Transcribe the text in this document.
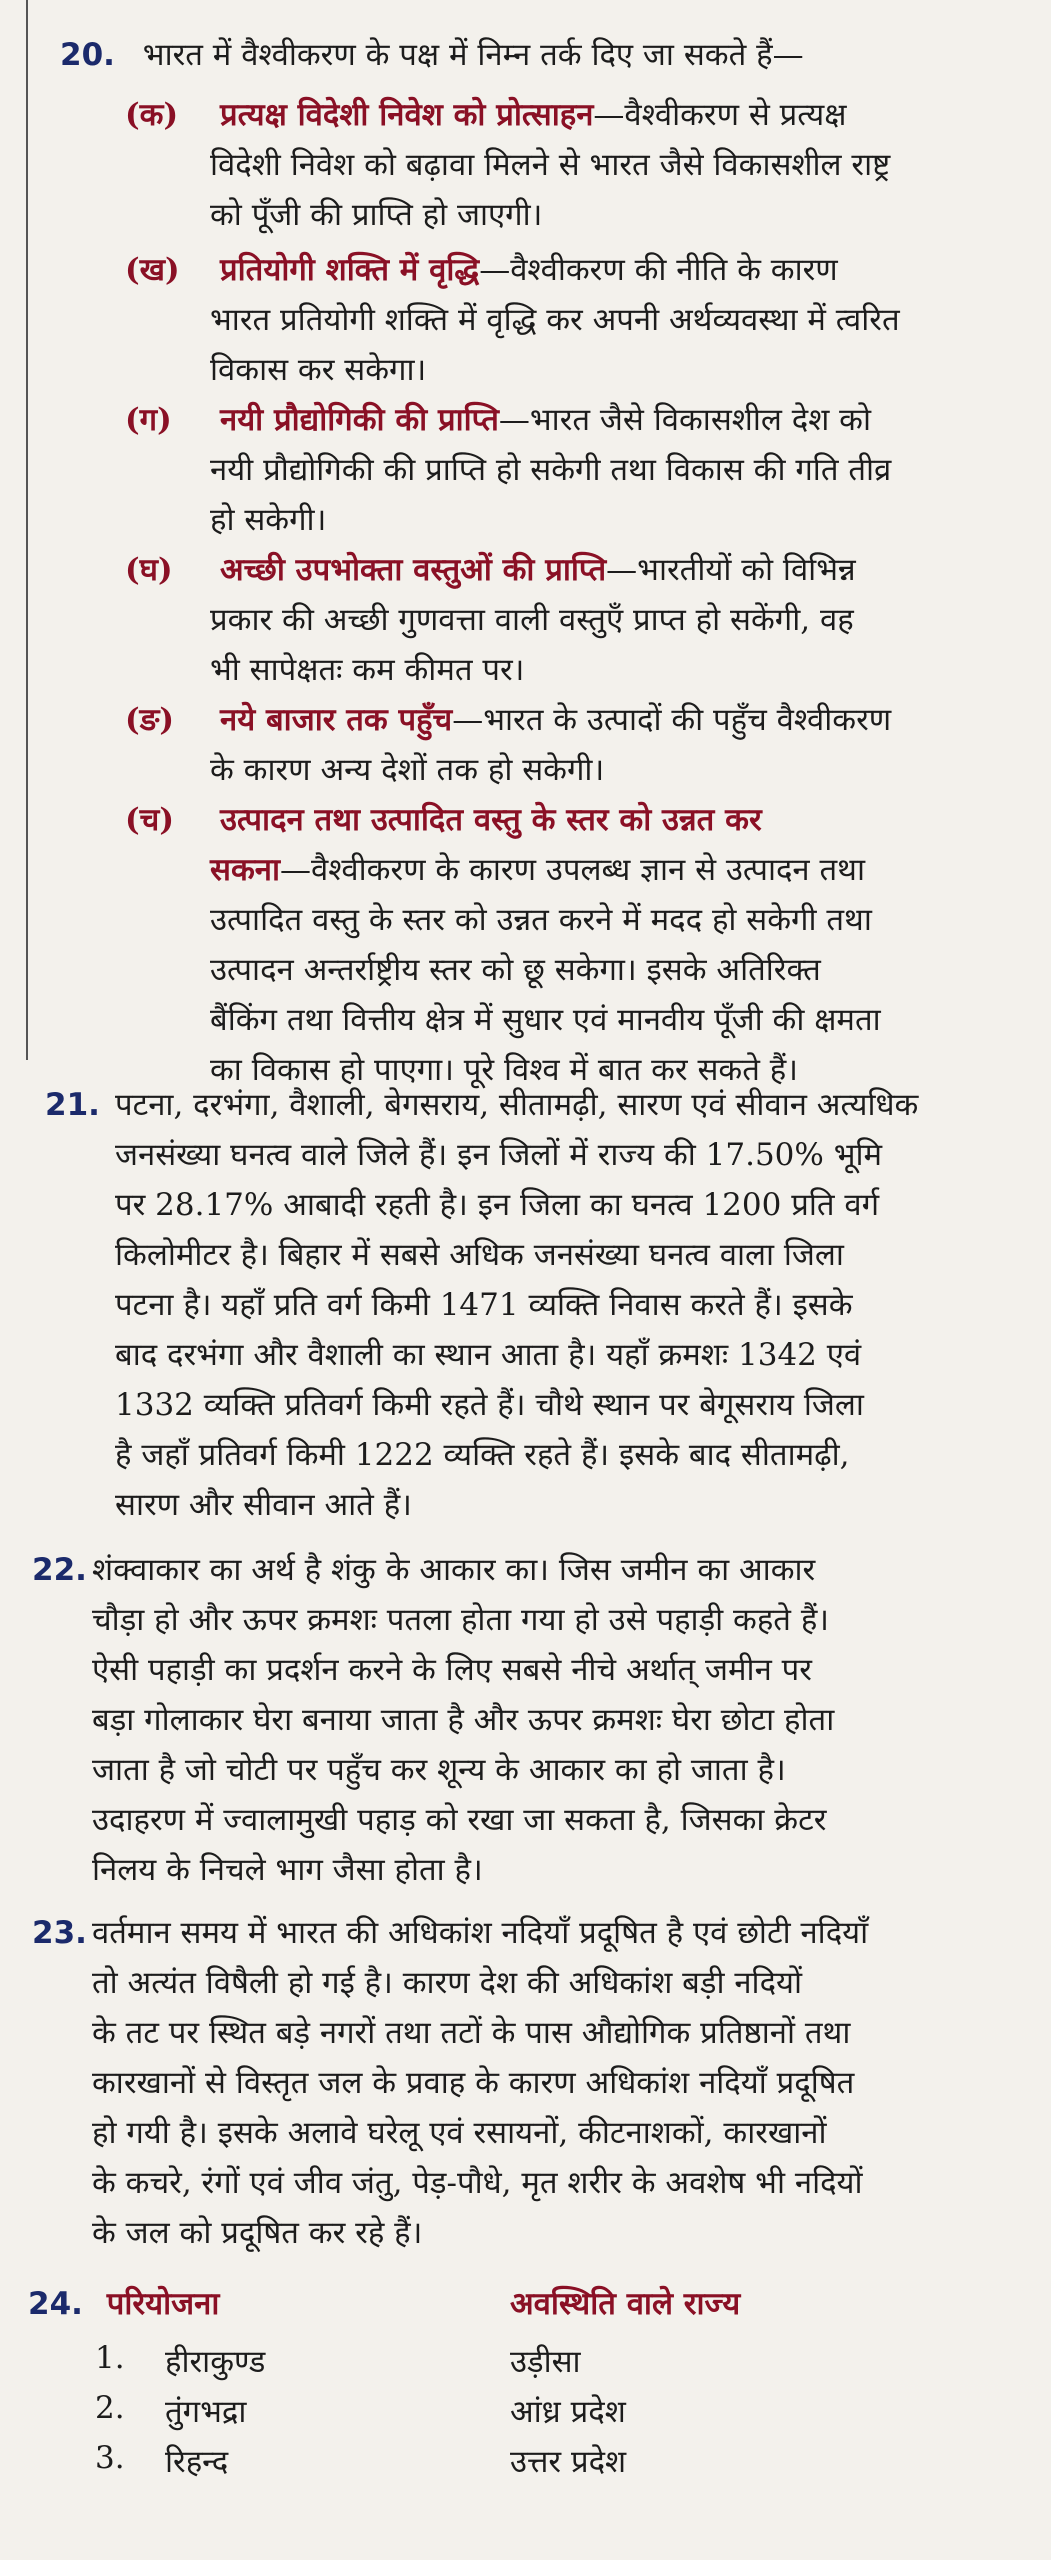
20. भारत में वैश्वीकरण के पक्ष में निम्न तर्क दिए जा सकते हैं—
(क) प्रत्यक्ष विदेशी निवेश को प्रोत्साहन—वैश्वीकरण से प्रत्यक्ष
विदेशी निवेश को बढ़ावा मिलने से भारत जैसे विकासशील राष्ट्र
को पूँजी की प्राप्ति हो जाएगी।
(ख) प्रतियोगी शक्ति में वृद्धि—वैश्वीकरण की नीति के कारण
भारत प्रतियोगी शक्ति में वृद्धि कर अपनी अर्थव्यवस्था में त्वरित
विकास कर सकेगा।
(ग) नयी प्रौद्योगिकी की प्राप्ति—भारत जैसे विकासशील देश को
नयी प्रौद्योगिकी की प्राप्ति हो सकेगी तथा विकास की गति तीव्र
हो सकेगी।
(घ) अच्छी उपभोक्ता वस्तुओं की प्राप्ति—भारतीयों को विभिन्न
प्रकार की अच्छी गुणवत्ता वाली वस्तुएँ प्राप्त हो सकेंगी, वह
भी सापेक्षतः कम कीमत पर।
(ङ) नये बाजार तक पहुँच—भारत के उत्पादों की पहुँच वैश्वीकरण
के कारण अन्य देशों तक हो सकेगी।
(च) उत्पादन तथा उत्पादित वस्तु के स्तर को उन्नत कर
सकना—वैश्वीकरण के कारण उपलब्ध ज्ञान से उत्पादन तथा
उत्पादित वस्तु के स्तर को उन्नत करने में मदद हो सकेगी तथा
उत्पादन अन्तर्राष्ट्रीय स्तर को छू सकेगा। इसके अतिरिक्त
बैंकिंग तथा वित्तीय क्षेत्र में सुधार एवं मानवीय पूँजी की क्षमता
का विकास हो पाएगा। पूरे विश्व में बात कर सकते हैं।
21. पटना, दरभंगा, वैशाली, बेगसराय, सीतामढ़ी, सारण एवं सीवान अत्यधिक
जनसंख्या घनत्व वाले जिले हैं। इन जिलों में राज्य की 17.50% भूमि
पर 28.17% आबादी रहती है। इन जिला का घनत्व 1200 प्रति वर्ग
किलोमीटर है। बिहार में सबसे अधिक जनसंख्या घनत्व वाला जिला
पटना है। यहाँ प्रति वर्ग किमी 1471 व्यक्ति निवास करते हैं। इसके
बाद दरभंगा और वैशाली का स्थान आता है। यहाँ क्रमशः 1342 एवं
1332 व्यक्ति प्रतिवर्ग किमी रहते हैं। चौथे स्थान पर बेगूसराय जिला
है जहाँ प्रतिवर्ग किमी 1222 व्यक्ति रहते हैं। इसके बाद सीतामढ़ी,
सारण और सीवान आते हैं।
22. शंक्वाकार का अर्थ है शंकु के आकार का। जिस जमीन का आकार
चौड़ा हो और ऊपर क्रमशः पतला होता गया हो उसे पहाड़ी कहते हैं।
ऐसी पहाड़ी का प्रदर्शन करने के लिए सबसे नीचे अर्थात् जमीन पर
बड़ा गोलाकार घेरा बनाया जाता है और ऊपर क्रमशः घेरा छोटा होता
जाता है जो चोटी पर पहुँच कर शून्य के आकार का हो जाता है।
उदाहरण में ज्वालामुखी पहाड़ को रखा जा सकता है, जिसका क्रेटर
निलय के निचले भाग जैसा होता है।
23. वर्तमान समय में भारत की अधिकांश नदियाँ प्रदूषित है एवं छोटी नदियाँ
तो अत्यंत विषैली हो गई है। कारण देश की अधिकांश बड़ी नदियों
के तट पर स्थित बड़े नगरों तथा तटों के पास औद्योगिक प्रतिष्ठानों तथा
कारखानों से विस्तृत जल के प्रवाह के कारण अधिकांश नदियाँ प्रदूषित
हो गयी है। इसके अलावे घरेलू एवं रसायनों, कीटनाशकों, कारखानों
के कचरे, रंगों एवं जीव जंतु, पेड़-पौधे, मृत शरीर के अवशेष भी नदियों
के जल को प्रदूषित कर रहे हैं।
24. परियोजना	अवस्थिति वाले राज्य
1. हीराकुण्ड	उड़ीसा
2. तुंगभद्रा	आंध्र प्रदेश
3. रिहन्द	उत्तर प्रदेश
